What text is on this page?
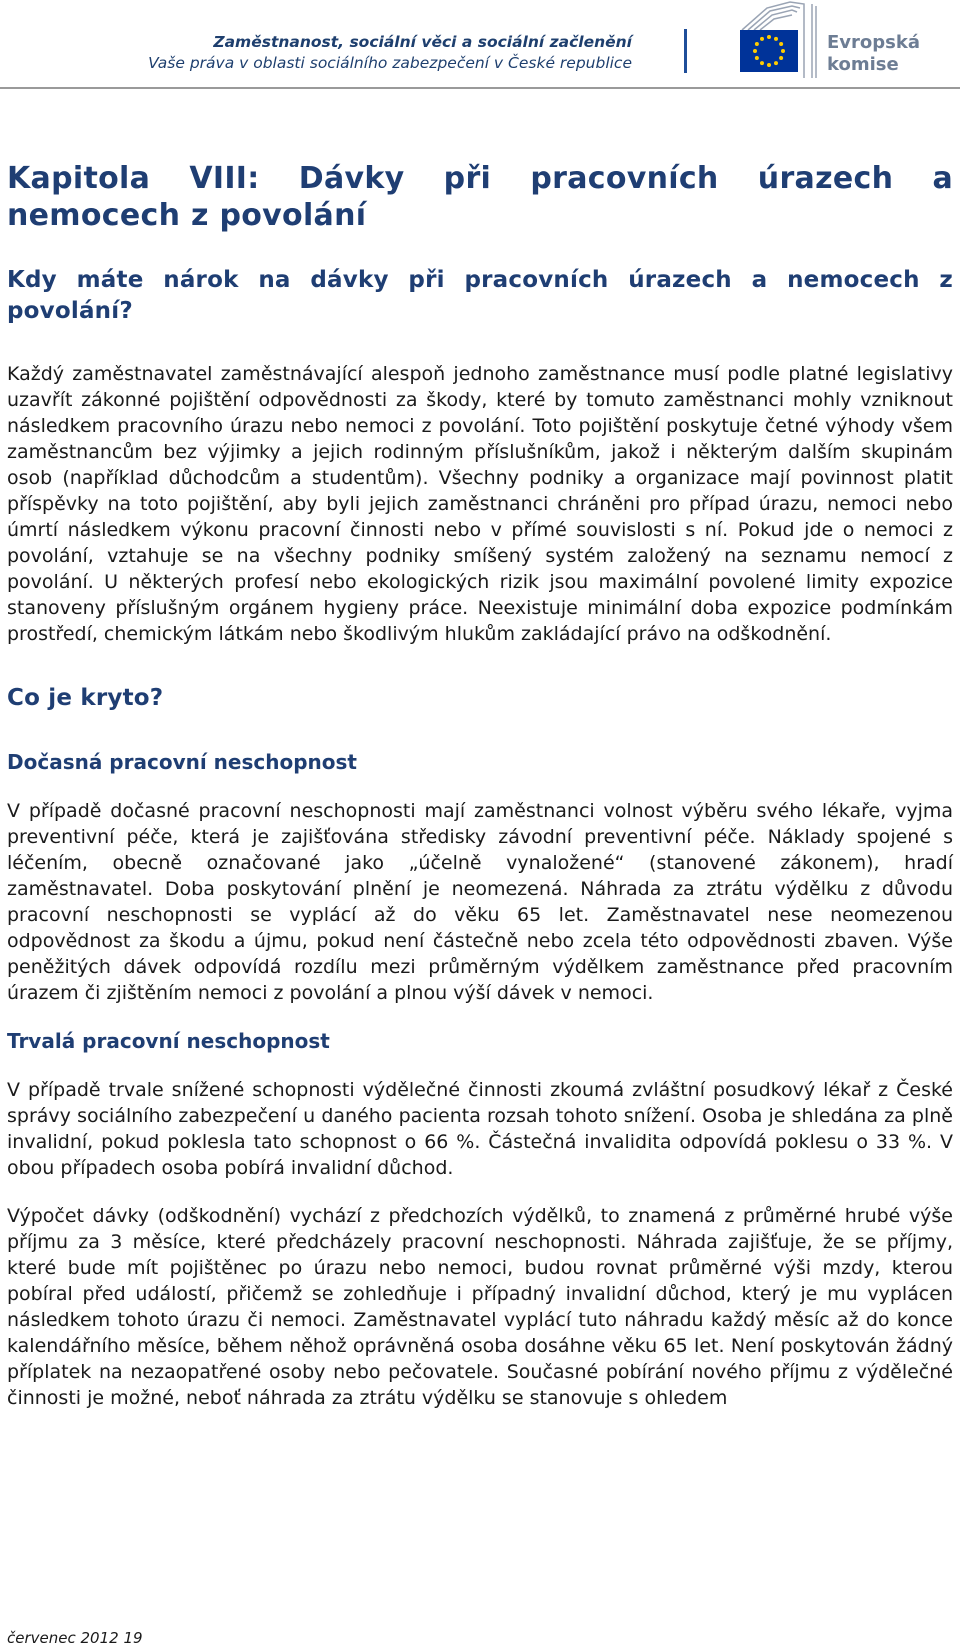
Zaměstnanost, sociální věci a sociální začlenění
Vaše práva v oblasti sociálního zabezpečení v České republice
Evropská
komise
Kapitola VIII: Dávky při pracovních úrazech a nemocech z povolání
Kdy máte nárok na dávky při pracovních úrazech a nemocech z povolání?

Každý zaměstnavatel zaměstnávající alespoň jednoho zaměstnance musí podle platné legislativy uzavřít zákonné pojištění odpovědnosti za škody, které by tomuto zaměstnanci mohly vzniknout následkem pracovního úrazu nebo nemoci z povolání. Toto pojištění poskytuje četné výhody všem zaměstnancům bez výjimky a jejich rodinným příslušníkům, jakož i některým dalším skupinám osob (například důchodcům a studentům). Všechny podniky a organizace mají povinnost platit příspěvky na toto pojištění, aby byli jejich zaměstnanci chráněni pro případ úrazu, nemoci nebo úmrtí následkem výkonu pracovní činnosti nebo v přímé souvislosti s ní. Pokud jde o nemoci z povolání, vztahuje se na všechny podniky smíšený systém založený na seznamu nemocí z povolání. U některých profesí nebo ekologických rizik jsou maximální povolené limity expozice stanoveny příslušným orgánem hygieny práce. Neexistuje minimální doba expozice podmínkám prostředí, chemickým látkám nebo škodlivým hlukům zakládající právo na odškodnění.

Co je kryto?
Dočasná pracovní neschopnost

V případě dočasné pracovní neschopnosti mají zaměstnanci volnost výběru svého lékaře, vyjma preventivní péče, která je zajišťována středisky závodní preventivní péče. Náklady spojené s léčením, obecně označované jako „účelně vynaložené“ (stanovené zákonem), hradí zaměstnavatel. Doba poskytování plnění je neomezená. Náhrada za ztrátu výdělku z důvodu pracovní neschopnosti se vyplácí až do věku 65 let. Zaměstnavatel nese neomezenou odpovědnost za škodu a újmu, pokud není částečně nebo zcela této odpovědnosti zbaven. Výše peněžitých dávek odpovídá rozdílu mezi průměrným výdělkem zaměstnance před pracovním úrazem či zjištěním nemoci z povolání a plnou výší dávek v nemoci.

Trvalá pracovní neschopnost

V případě trvale snížené schopnosti výdělečné činnosti zkoumá zvláštní posudkový lékař z České správy sociálního zabezpečení u daného pacienta rozsah tohoto snížení. Osoba je shledána za plně invalidní, pokud poklesla tato schopnost o 66 %. Částečná invalidita odpovídá poklesu o 33 %. V obou případech osoba pobírá invalidní důchod.

Výpočet dávky (odškodnění) vychází z předchozích výdělků, to znamená z průměrné hrubé výše příjmu za 3 měsíce, které předcházely pracovní neschopnosti. Náhrada zajišťuje, že se příjmy, které bude mít pojištěnec po úrazu nebo nemoci, budou rovnat průměrné výši mzdy, kterou pobíral před událostí, přičemž se zohledňuje i případný invalidní důchod, který je mu vyplácen následkem tohoto úrazu či nemoci. Zaměstnavatel vyplácí tuto náhradu každý měsíc až do konce kalendářního měsíce, během něhož oprávněná osoba dosáhne věku 65 let. Není poskytován žádný příplatek na nezaopatřené osoby nebo pečovatele. Současné pobírání nového příjmu z výdělečné činnosti je možné, neboť náhrada za ztrátu výdělku se stanovuje s ohledem

červenec 2012 19
